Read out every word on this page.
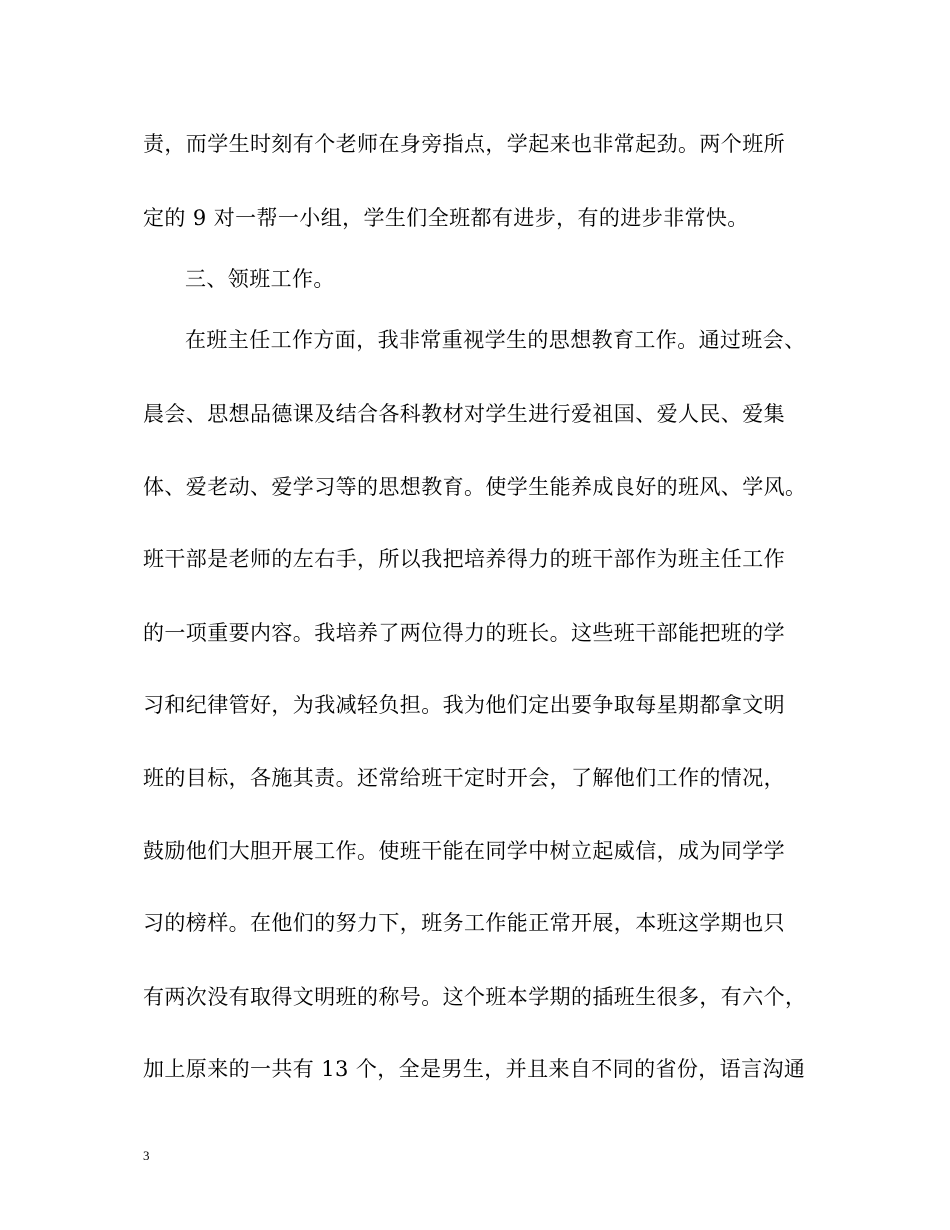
责，而学生时刻有个老师在身旁指点，学起来也非常起劲。两个班所
定的 9 对一帮一小组，学生们全班都有进步，有的进步非常快。
三、领班工作。
在班主任工作方面，我非常重视学生的思想教育工作。通过班会、
晨会、思想品德课及结合各科教材对学生进行爱祖国、爱人民、爱集
体、爱老动、爱学习等的思想教育。使学生能养成良好的班风、学风。
班干部是老师的左右手，所以我把培养得力的班干部作为班主任工作
的一项重要内容。我培养了两位得力的班长。这些班干部能把班的学
习和纪律管好，为我减轻负担。我为他们定出要争取每星期都拿文明
班的目标，各施其责。还常给班干定时开会，了解他们工作的情况，
鼓励他们大胆开展工作。使班干能在同学中树立起威信，成为同学学
习的榜样。在他们的努力下，班务工作能正常开展，本班这学期也只
有两次没有取得文明班的称号。这个班本学期的插班生很多，有六个，
加上原来的一共有 13 个，全是男生，并且来自不同的省份，语言沟通
3
